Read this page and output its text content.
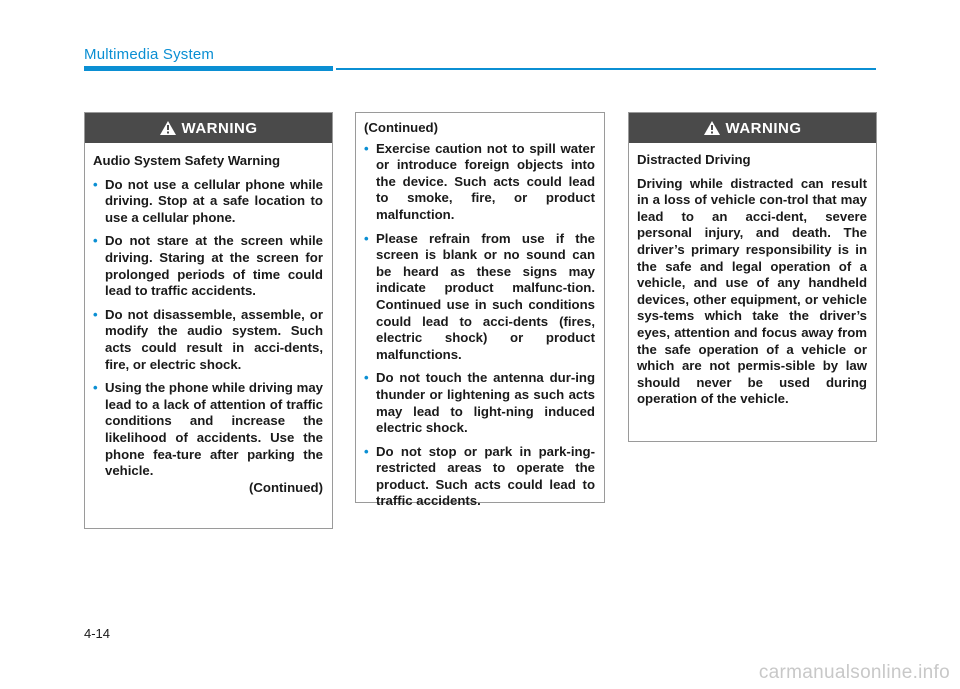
Multimedia System
WARNING
Audio System Safety Warning
• Do not use a cellular phone while driving. Stop at a safe location to use a cellular phone.
• Do not stare at the screen while driving. Staring at the screen for prolonged periods of time could lead to traffic accidents.
• Do not disassemble, assemble, or modify the audio system. Such acts could result in acci-dents, fire, or electric shock.
• Using the phone while driving may lead to a lack of attention of traffic conditions and increase the likelihood of accidents. Use the phone fea-ture after parking the vehicle.
(Continued)
(Continued)
• Exercise caution not to spill water or introduce foreign objects into the device. Such acts could lead to smoke, fire, or product malfunction.
• Please refrain from use if the screen is blank or no sound can be heard as these signs may indicate product malfunc-tion. Continued use in such conditions could lead to acci-dents (fires, electric shock) or product malfunctions.
• Do not touch the antenna dur-ing thunder or lightening as such acts may lead to light-ning induced electric shock.
• Do not stop or park in park-ing-restricted areas to operate the product. Such acts could lead to traffic accidents.
WARNING
Distracted Driving
Driving while distracted can result in a loss of vehicle con-trol that may lead to an acci-dent, severe personal injury, and death. The driver’s primary responsibility is in the safe and legal operation of a vehicle, and use of any handheld devices, other equipment, or vehicle sys-tems which take the driver’s eyes, attention and focus away from the safe operation of a vehicle or which are not permis-sible by law should never be used during operation of the vehicle.
4-14
carmanualsonline.info
